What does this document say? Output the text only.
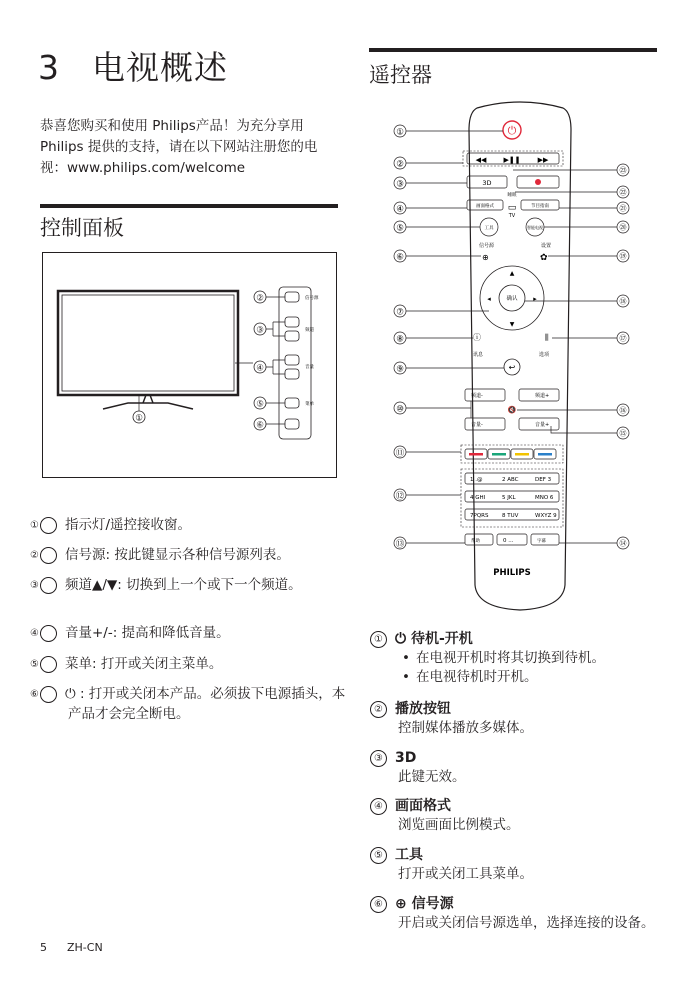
3 电视概述
恭喜您购买和使用 Philips产品！为充分享用Philips 提供的支持，请在以下网站注册您的电视：www.philips.com/welcome
控制面板
①
信号源
频道
音量
菜单
②
③
④
⑤
⑥
① 指示灯/遥控接收窗。
② 信号源: 按此键显示各种信号源列表。
③ 频道▲/▼: 切换到上一个或下一个频道。
④ 音量+/-: 提高和降低音量。
⑤ 菜单: 打开或关闭主菜单。
⑥ ⏻ : 打开或关闭本产品。必须拔下电源插头，本产品才会完全断电。
遥控器
⏻
◀◀ ▶❚❚ ▶▶
3D
睡眠
▭
TV
画面格式	节目指南
工具	智能电视
信号源	设置
⊕	✿
确认
▲
▼
◂	▸
ⓘ	⫼
讯息	选项
↩
频道-	频道+
🔇
音量-	音量+
1 .@	2 ABC	DEF 3
4 GHI	5 JKL	MNO 6
7PQRS 8 TUV	WXYZ 9
帮助	0 ...	字幕
PHILIPS
①
②
③
④
⑤
⑥
⑦
⑧
⑨
⑩
⑪
⑫
⑬
㉓
㉒
㉑
⑳
⑲
⑱
⑰
⑯
⑮
⑭
① ⏻ 待机-开机
• 在电视开机时将其切换到待机。
• 在电视待机时开机。
② 播放按钮
控制媒体播放多媒体。
③ 3D
此键无效。
④ 画面格式
浏览画面比例模式。
⑤ 工具
打开或关闭工具菜单。
⑥ ⊕ 信号源
开启或关闭信号源选单，选择连接的设备。
5 ZH-CN
